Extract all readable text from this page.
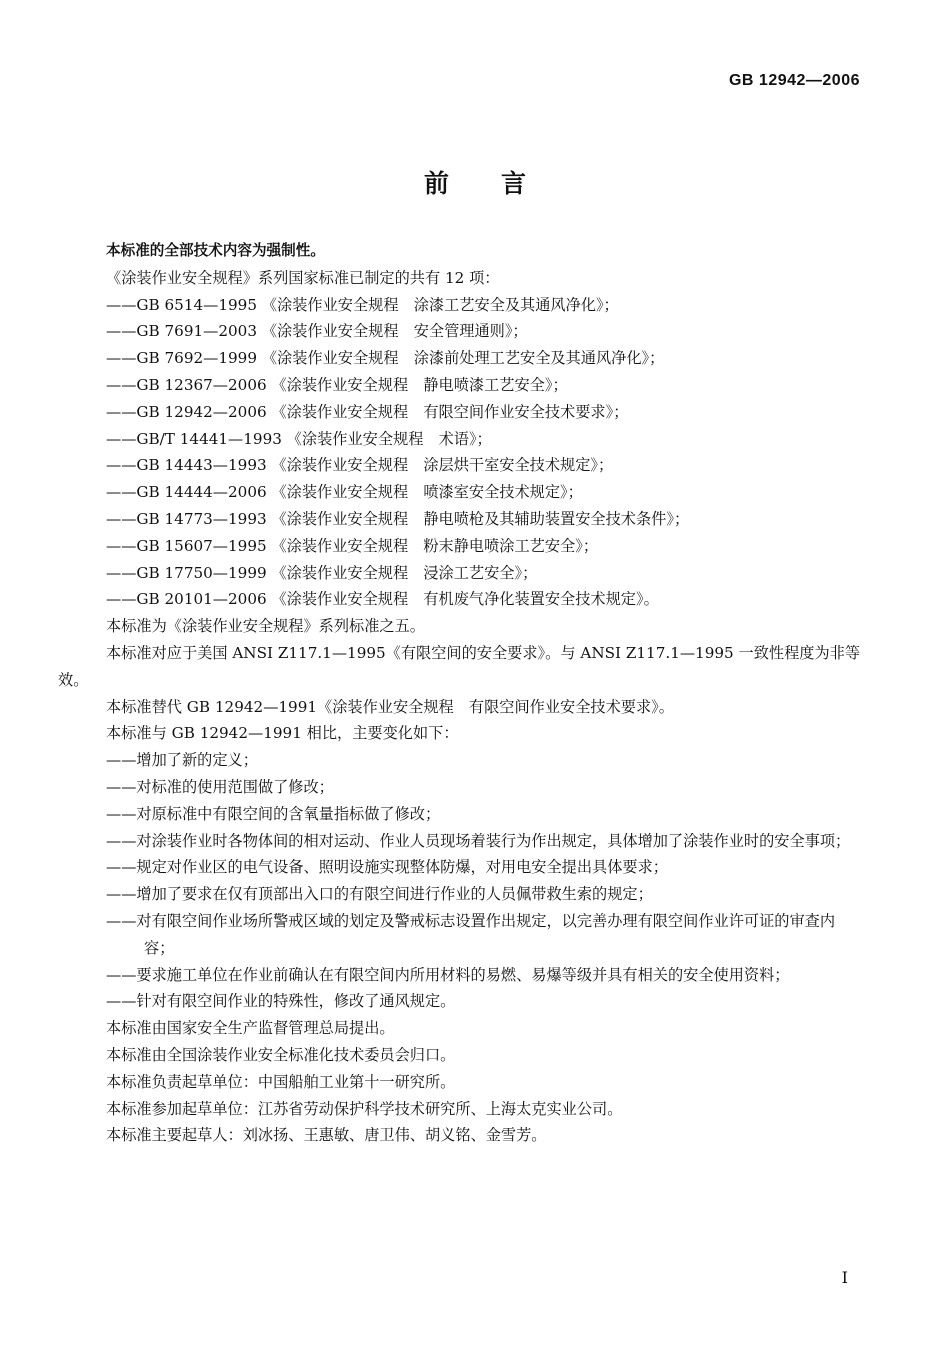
GB 12942—2006
前言

本标准的全部技术内容为强制性。

《涂装作业安全规程》系列国家标准已制定的共有 12 项：

——GB 6514—1995 《涂装作业安全规程　涂漆工艺安全及其通风净化》；

——GB 7691—2003 《涂装作业安全规程　安全管理通则》；

——GB 7692—1999 《涂装作业安全规程　涂漆前处理工艺安全及其通风净化》；

——GB 12367—2006 《涂装作业安全规程　静电喷漆工艺安全》；

——GB 12942—2006 《涂装作业安全规程　有限空间作业安全技术要求》；

——GB/T 14441—1993 《涂装作业安全规程　术语》；

——GB 14443—1993 《涂装作业安全规程　涂层烘干室安全技术规定》；

——GB 14444—2006 《涂装作业安全规程　喷漆室安全技术规定》；

——GB 14773—1993 《涂装作业安全规程　静电喷枪及其辅助装置安全技术条件》；

——GB 15607—1995 《涂装作业安全规程　粉末静电喷涂工艺安全》；

——GB 17750—1999 《涂装作业安全规程　浸涂工艺安全》；

——GB 20101—2006 《涂装作业安全规程　有机废气净化装置安全技术规定》。

本标准为《涂装作业安全规程》系列标准之五。

本标准对应于美国 ANSI Z117.1—1995《有限空间的安全要求》。与 ANSI Z117.1—1995 一致性程度为非等效。

本标准替代 GB 12942—1991《涂装作业安全规程　有限空间作业安全技术要求》。

本标准与 GB 12942—1991 相比，主要变化如下：

——增加了新的定义；

——对标准的使用范围做了修改；

——对原标准中有限空间的含氧量指标做了修改；

——对涂装作业时各物体间的相对运动、作业人员现场着装行为作出规定，具体增加了涂装作业时的安全事项；

——规定对作业区的电气设备、照明设施实现整体防爆，对用电安全提出具体要求；

——增加了要求在仅有顶部出入口的有限空间进行作业的人员佩带救生索的规定；

——对有限空间作业场所警戒区域的划定及警戒标志设置作出规定，以完善办理有限空间作业许可证的审查内容；

——要求施工单位在作业前确认在有限空间内所用材料的易燃、易爆等级并具有相关的安全使用资料；

——针对有限空间作业的特殊性，修改了通风规定。

本标准由国家安全生产监督管理总局提出。

本标准由全国涂装作业安全标准化技术委员会归口。

本标准负责起草单位：中国船舶工业第十一研究所。

本标准参加起草单位：江苏省劳动保护科学技术研究所、上海太克实业公司。

本标准主要起草人：刘冰扬、王惠敏、唐卫伟、胡义铭、金雪芳。

I
